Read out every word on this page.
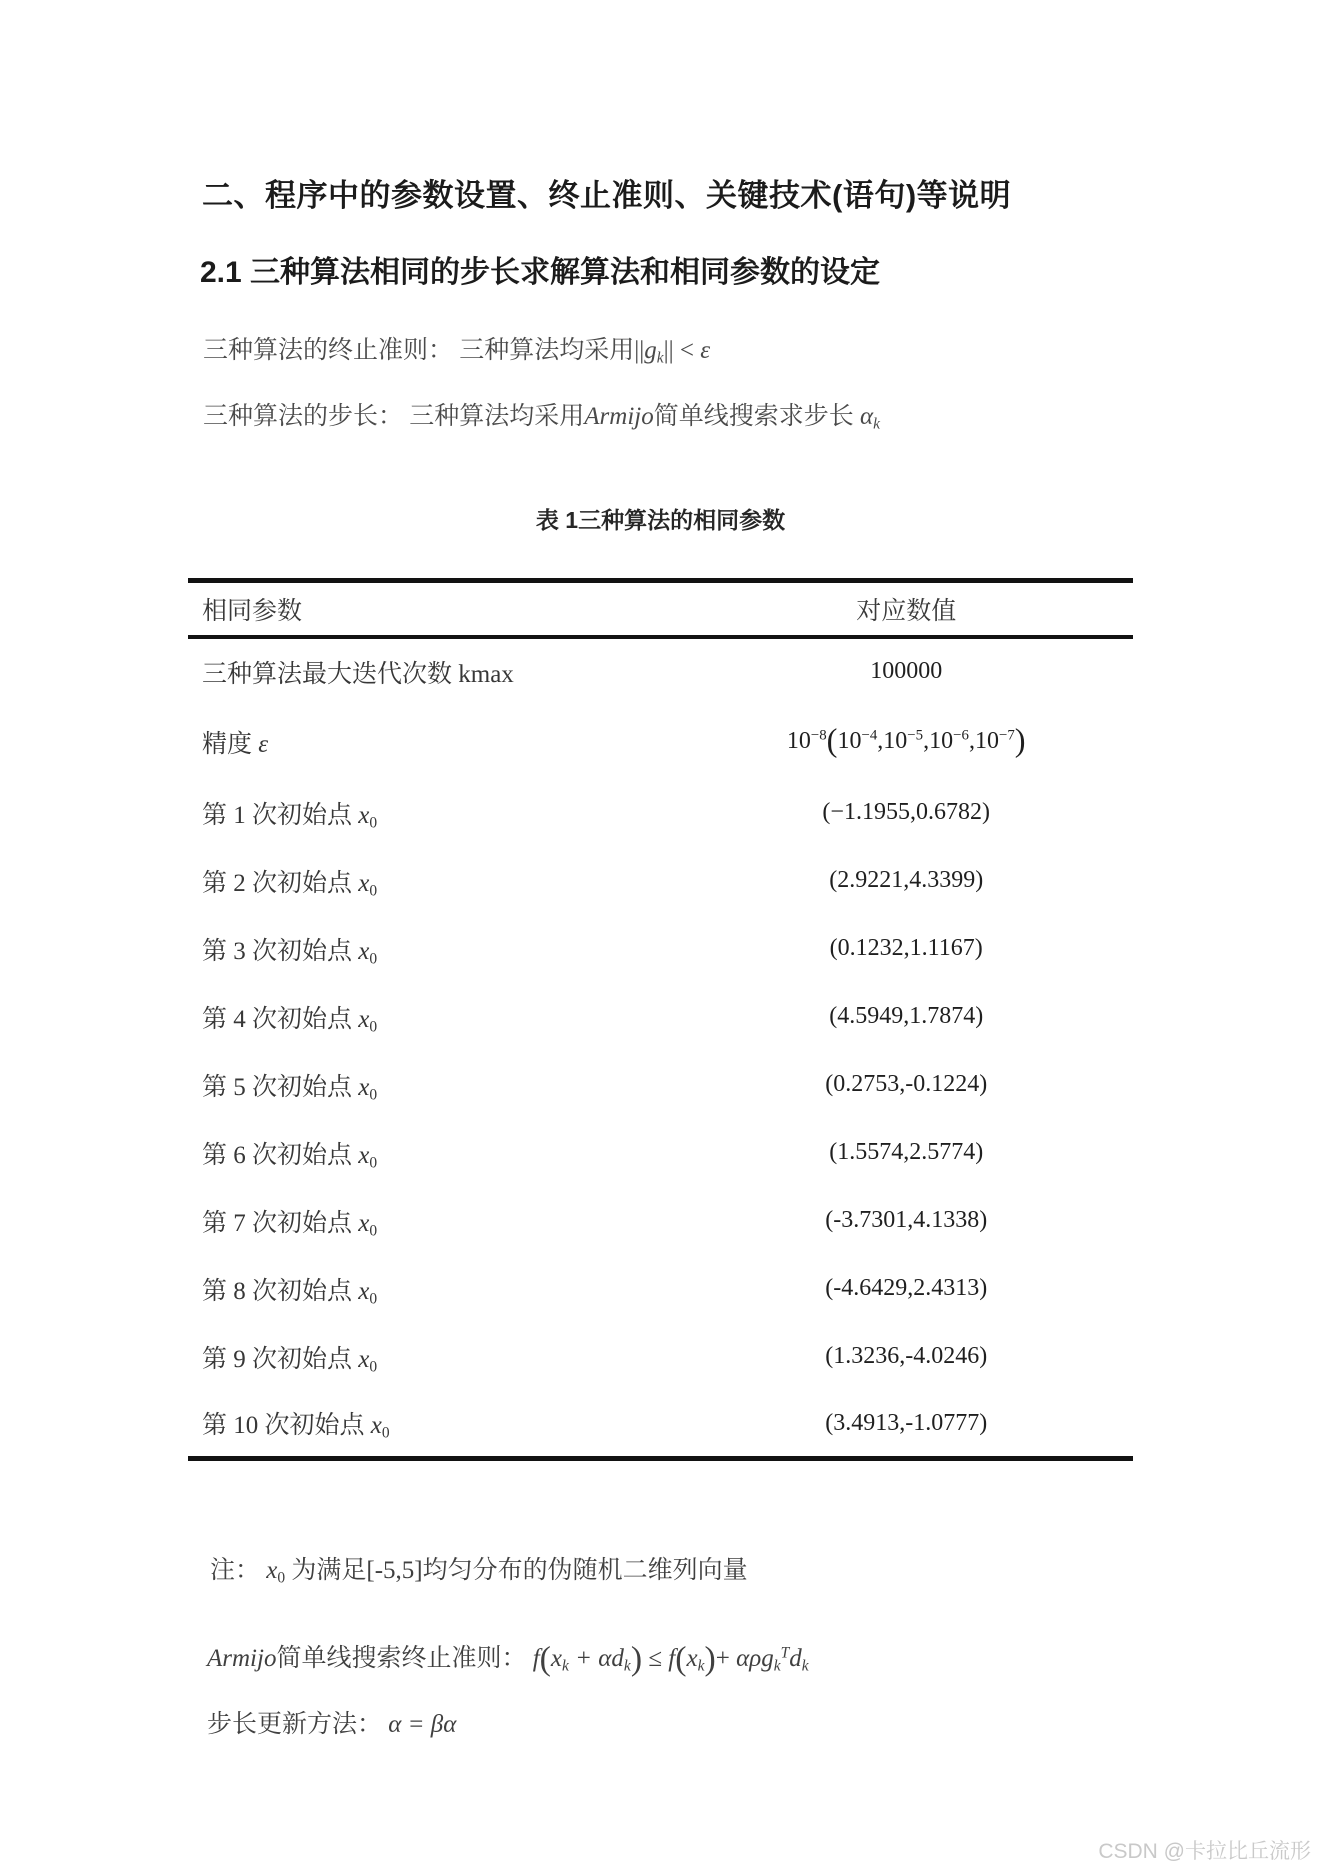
二、程序中的参数设置、终止准则、关键技术(语句)等说明
2.1 三种算法相同的步长求解算法和相同参数的设定

三种算法的终止准则： 三种算法均采用$||g_k|| < \varepsilon$

三种算法的步长： 三种算法均采用Armijo简单线搜索求步长 $\alpha_k$

表 1三种算法的相同参数
相同参数	对应数值
三种算法最大迭代次数 kmax	100000
精度 ε	$10^{-8}(10^{-4},10^{-5},10^{-6},10^{-7})$
第 1 次初始点 $x_0$	(−1.1955,0.6782)
第 2 次初始点 $x_0$	(2.9221,4.3399)
第 3 次初始点 $x_0$	(0.1232,1.1167)
第 4 次初始点 $x_0$	(4.5949,1.7874)
第 5 次初始点 $x_0$	(0.2753,-0.1224)
第 6 次初始点 $x_0$	(1.5574,2.5774)
第 7 次初始点 $x_0$	(-3.7301,4.1338)
第 8 次初始点 $x_0$	(-4.6429,2.4313)
第 9 次初始点 $x_0$	(1.3236,-4.0246)
第 10 次初始点 $x_0$	(3.4913,-1.0777)

注： $x_0$ 为满足[-5,5]均匀分布的伪随机二维列向量

Armijo简单线搜索终止准则： $f(x_k + \alpha d_k) \le f(x_k)+ \alpha\rho g_k^Td_k$

步长更新方法： α = βα

CSDN @卡拉比丘流形
